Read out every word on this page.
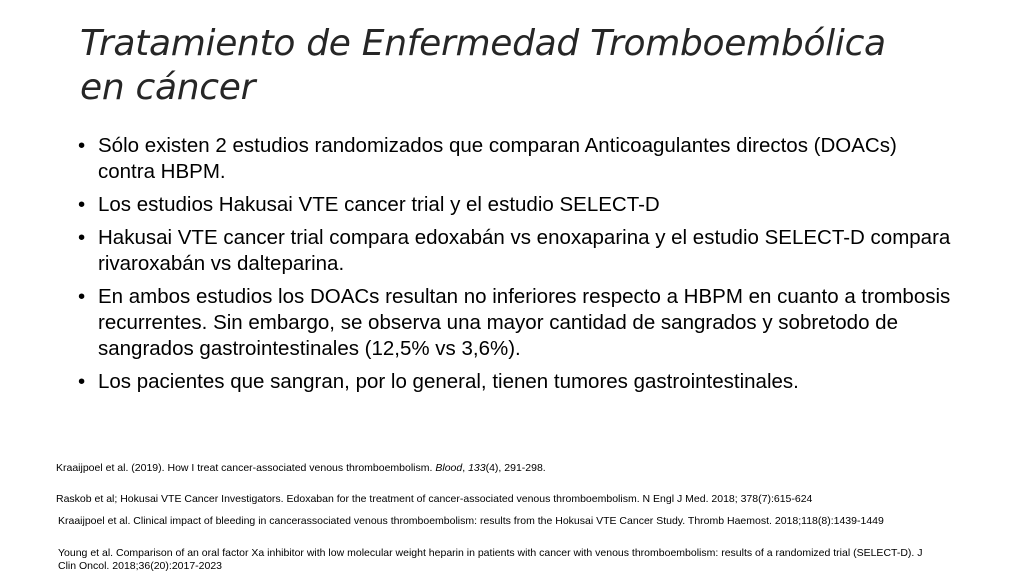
Tratamiento de Enfermedad Tromboembólica
en cáncer
• Sólo existen 2 estudios randomizados que comparan Anticoagulantes directos (DOACs) contra HBPM.
• Los estudios Hakusai VTE cancer trial y el estudio SELECT-D
• Hakusai VTE cancer trial compara edoxabán vs enoxaparina y el estudio SELECT-D compara rivaroxabán vs dalteparina.
• En ambos estudios los DOACs resultan no inferiores respecto a HBPM en cuanto a trombosis recurrentes. Sin embargo, se observa una mayor cantidad de sangrados y sobretodo de sangrados gastrointestinales (12,5% vs 3,6%).
• Los pacientes que sangran, por lo general, tienen tumores gastrointestinales.
Kraaijpoel et al. (2019). How I treat cancer-associated venous thromboembolism. Blood, 133(4), 291-298.
Raskob et al; Hokusai VTE Cancer Investigators. Edoxaban for the treatment of cancer-associated venous thromboembolism. N Engl J Med. 2018; 378(7):615-624
Kraaijpoel et al. Clinical impact of bleeding in cancerassociated venous thromboembolism: results from the Hokusai VTE Cancer Study. Thromb Haemost. 2018;118(8):1439-1449
Young et al. Comparison of an oral factor Xa inhibitor with low molecular weight heparin in patients with cancer with venous thromboembolism: results of a randomized trial (SELECT-D). J Clin Oncol. 2018;36(20):2017-2023
